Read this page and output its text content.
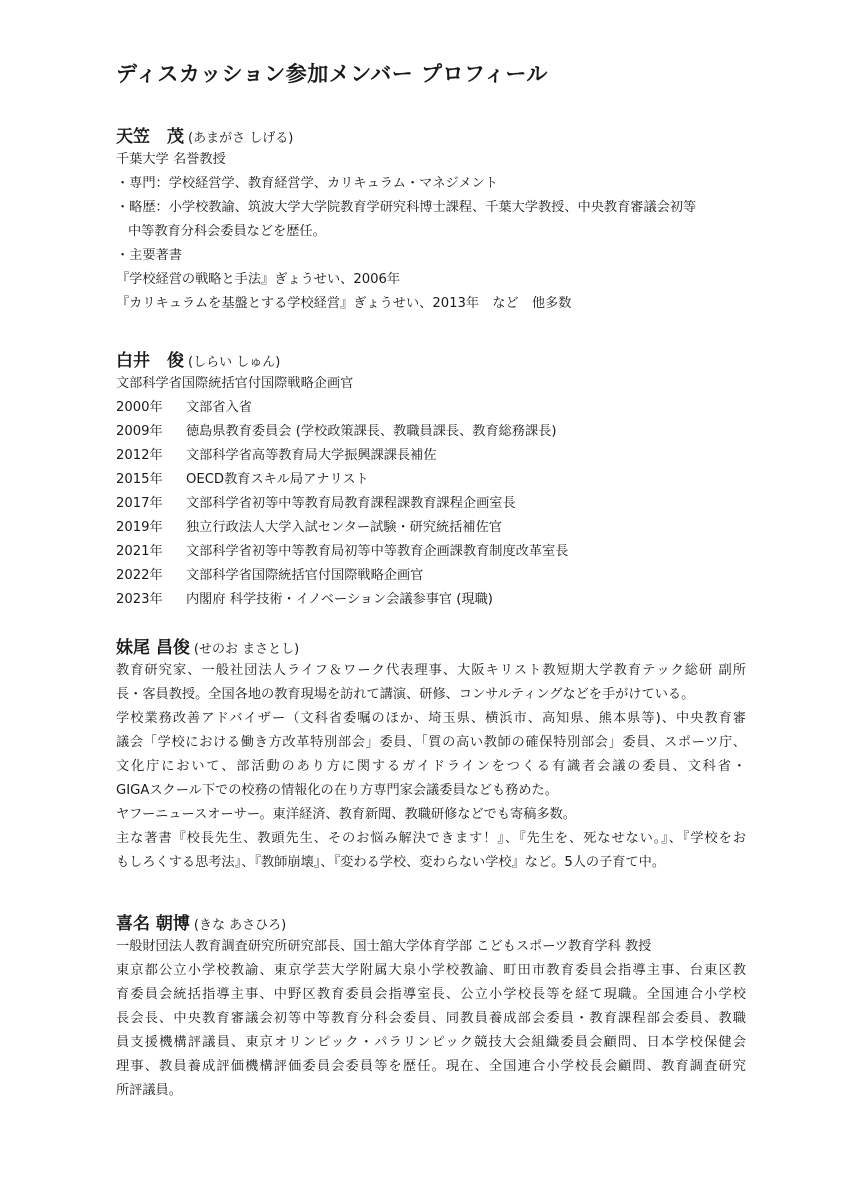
ディスカッション参加メンバー プロフィール
天笠　茂 (あまがさ しげる)
千葉大学 名誉教授
・専門：学校経営学、教育経営学、カリキュラム・マネジメント
・略歴：小学校教諭、筑波大学大学院教育学研究科博士課程、千葉大学教授、中央教育審議会初等
中等教育分科会委員などを歴任。
・主要著書
『学校経営の戦略と手法』ぎょうせい、2006年
『カリキュラムを基盤とする学校経営』ぎょうせい、2013年　など　他多数
白井　俊 (しらい しゅん)
文部科学省国際統括官付国際戦略企画官
2000年 文部省入省
2009年 徳島県教育委員会 (学校政策課長、教職員課長、教育総務課長)
2012年 文部科学省高等教育局大学振興課課長補佐
2015年 OECD教育スキル局アナリスト
2017年 文部科学省初等中等教育局教育課程課教育課程企画室長
2019年 独立行政法人大学入試センター試験・研究統括補佐官
2021年 文部科学省初等中等教育局初等中等教育企画課教育制度改革室長
2022年 文部科学省国際統括官付国際戦略企画官
2023年 内閣府 科学技術・イノベーション会議参事官 (現職)
妹尾 昌俊 (せのお まさとし)
教育研究家、一般社団法人ライフ＆ワーク代表理事、大阪キリスト教短期大学教育テック総研 副所
長・客員教授。全国各地の教育現場を訪れて講演、研修、コンサルティングなどを手がけている。
学校業務改善アドバイザー（文科省委嘱のほか、埼玉県、横浜市、高知県、熊本県等)、中央教育審
議会「学校における働き方改革特別部会」委員、「質の高い教師の確保特別部会」委員、スポーツ庁、
文化庁において、部活動のあり方に関するガイドラインをつくる有識者会議の委員、文科省・
GIGAスクール下での校務の情報化の在り方専門家会議委員なども務めた。
ヤフーニュースオーサー。東洋経済、教育新聞、教職研修などでも寄稿多数。
主な著書『校長先生、教頭先生、そのお悩み解決できます！』、『先生を、死なせない。』、『学校をお
もしろくする思考法』、『教師崩壊』、『変わる学校、変わらない学校』など。5人の子育て中。
喜名 朝博 (きな あさひろ)
一般財団法人教育調査研究所研究部長、国士舘大学体育学部 こどもスポーツ教育学科 教授
東京都公立小学校教諭、東京学芸大学附属大泉小学校教諭、町田市教育委員会指導主事、台東区教
育委員会統括指導主事、中野区教育委員会指導室長、公立小学校長等を経て現職。全国連合小学校
長会長、中央教育審議会初等中等教育分科会委員、同教員養成部会委員・教育課程部会委員、教職
員支援機構評議員、東京オリンピック・パラリンピック競技大会組織委員会顧問、日本学校保健会
理事、教員養成評価機構評価委員会委員等を歴任。現在、全国連合小学校長会顧問、教育調査研究
所評議員。
